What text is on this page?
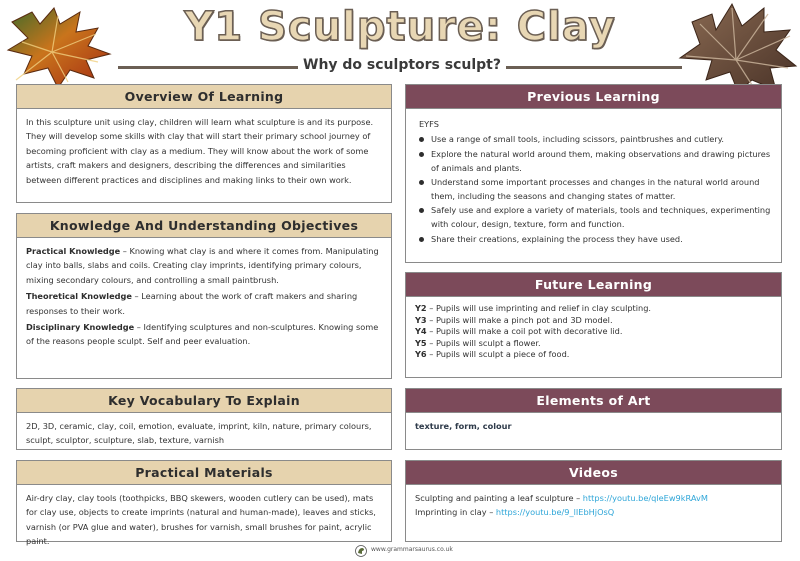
Y1 Sculpture: Clay
Why do sculptors sculpt?
Overview Of Learning
In this sculpture unit using clay, children will learn what sculpture is and its purpose. They will develop some skills with clay that will start their primary school journey of becoming proficient with clay as a medium. They will know about the work of some artists, craft makers and designers, describing the differences and similarities between different practices and disciplines and making links to their own work.
Knowledge And Understanding Objectives

Practical Knowledge – Knowing what clay is and where it comes from. Manipulating clay into balls, slabs and coils. Creating clay imprints, identifying primary colours, mixing secondary colours, and controlling a small paintbrush.

Theoretical Knowledge – Learning about the work of craft makers and sharing responses to their work.

Disciplinary Knowledge – Identifying sculptures and non-sculptures. Knowing some of the reasons people sculpt. Self and peer evaluation.

Key Vocabulary To Explain
2D, 3D, ceramic, clay, coil, emotion, evaluate, imprint, kiln, nature, primary colours, sculpt, sculptor, sculpture, slab, texture, varnish
Practical Materials
Air-dry clay, clay tools (toothpicks, BBQ skewers, wooden cutlery can be used), mats for clay use, objects to create imprints (natural and human-made), leaves and sticks, varnish (or PVA glue and water), brushes for varnish, small brushes for paint, acrylic paint.
Previous Learning
EYFS
Use a range of small tools, including scissors, paintbrushes and cutlery.
Explore the natural world around them, making observations and drawing pictures of animals and plants.
Understand some important processes and changes in the natural world around them, including the seasons and changing states of matter.
Safely use and explore a variety of materials, tools and techniques, experimenting with colour, design, texture, form and function.
Share their creations, explaining the process they have used.
Future Learning
Y2 – Pupils will use imprinting and relief in clay sculpting.
Y3 – Pupils will make a pinch pot and 3D model.
Y4 – Pupils will make a coil pot with decorative lid.
Y5 – Pupils will sculpt a flower.
Y6 – Pupils will sculpt a piece of food.
Elements of Art
texture, form, colour
Videos
Sculpting and painting a leaf sculpture – https://youtu.be/qleEw9kRAvM
Imprinting in clay – https://youtu.be/9_lIEbHjOsQ
www.grammarsaurus.co.uk
